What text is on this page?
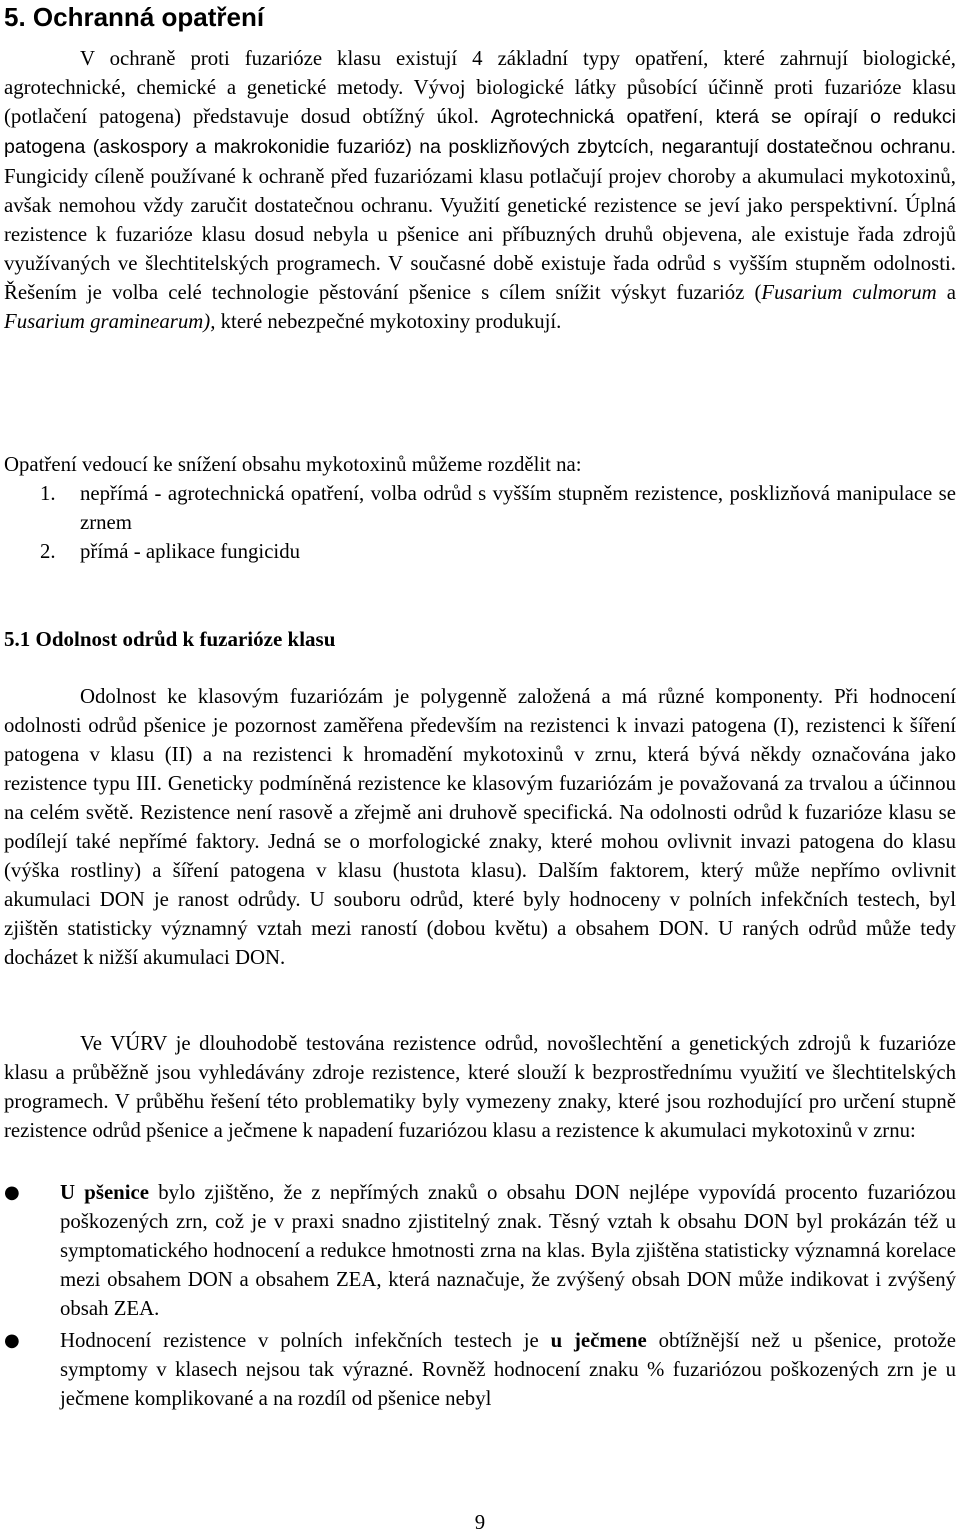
5. Ochranná opatření

V ochraně proti fuzarióze klasu existují 4 základní typy opatření, které zahrnují biologické, agrotechnické, chemické a genetické metody. Vývoj biologické látky působící účinně proti fuzarióze klasu (potlačení patogena) představuje dosud obtížný úkol. Agrotechnická opatření, která se opírají o redukci patogena (askospory a makrokonidie fuzarióz) na posklizňových zbytcích, negarantují dostatečnou ochranu. Fungicidy cíleně používané k ochraně před fuzariózami klasu potlačují projev choroby a akumulaci mykotoxinů, avšak nemohou vždy zaručit dostatečnou ochranu. Využití genetické rezistence se jeví jako perspektivní. Úplná rezistence k fuzarióze klasu dosud nebyla u pšenice ani příbuzných druhů objevena, ale existuje řada zdrojů využívaných ve šlechtitelských programech. V současné době existuje řada odrůd s vyšším stupněm odolnosti. Řešením je volba celé technologie pěstování pšenice s cílem snížit výskyt fuzarióz (Fusarium culmorum a Fusarium graminearum), které nebezpečné mykotoxiny produkují.

Opatření vedoucí ke snížení obsahu mykotoxinů můžeme rozdělit na:

1. nepřímá - agrotechnická opatření, volba odrůd s vyšším stupněm rezistence, posklizňová manipulace se zrnem
2. přímá - aplikace fungicidu
5.1 Odolnost odrůd k fuzarióze klasu

Odolnost ke klasovým fuzariózám je polygenně založená a má různé komponenty. Při hodnocení odolnosti odrůd pšenice je pozornost zaměřena především na rezistenci k invazi patogena (I), rezistenci k šíření patogena v klasu (II) a na rezistenci k hromadění mykotoxinů v zrnu, která bývá někdy označována jako rezistence typu III. Geneticky podmíněná rezistence ke klasovým fuzariózám je považovaná za trvalou a účinnou na celém světě. Rezistence není rasově a zřejmě ani druhově specifická. Na odolnosti odrůd k fuzarióze klasu se podílejí také nepřímé faktory. Jedná se o morfologické znaky, které mohou ovlivnit invazi patogena do klasu (výška rostliny) a šíření patogena v klasu (hustota klasu). Dalším faktorem, který může nepřímo ovlivnit akumulaci DON je ranost odrůdy. U souboru odrůd, které byly hodnoceny v polních infekčních testech, byl zjištěn statisticky významný vztah mezi raností (dobou květu) a obsahem DON. U raných odrůd může tedy docházet k nižší akumulaci DON.

Ve VÚRV je dlouhodobě testována rezistence odrůd, novošlechtění a genetických zdrojů k fuzarióze klasu a průběžně jsou vyhledávány zdroje rezistence, které slouží k bezprostřednímu využití ve šlechtitelských programech. V průběhu řešení této problematiky byly vymezeny znaky, které jsou rozhodující pro určení stupně rezistence odrůd pšenice a ječmene k napadení fuzariózou klasu a rezistence k akumulaci mykotoxinů v zrnu:

● U pšenice bylo zjištěno, že z nepřímých znaků o obsahu DON nejlépe vypovídá procento fuzariózou poškozených zrn, což je v praxi snadno zjistitelný znak. Těsný vztah k obsahu DON byl prokázán též u symptomatického hodnocení a redukce hmotnosti zrna na klas. Byla zjištěna statisticky významná korelace mezi obsahem DON a obsahem ZEA, která naznačuje, že zvýšený obsah DON může indikovat i zvýšený obsah ZEA.
● Hodnocení rezistence v polních infekčních testech je u ječmene obtížnější než u pšenice, protože symptomy v klasech nejsou tak výrazné. Rovněž hodnocení znaku % fuzariózou poškozených zrn je u ječmene komplikované a na rozdíl od pšenice nebyl
9
